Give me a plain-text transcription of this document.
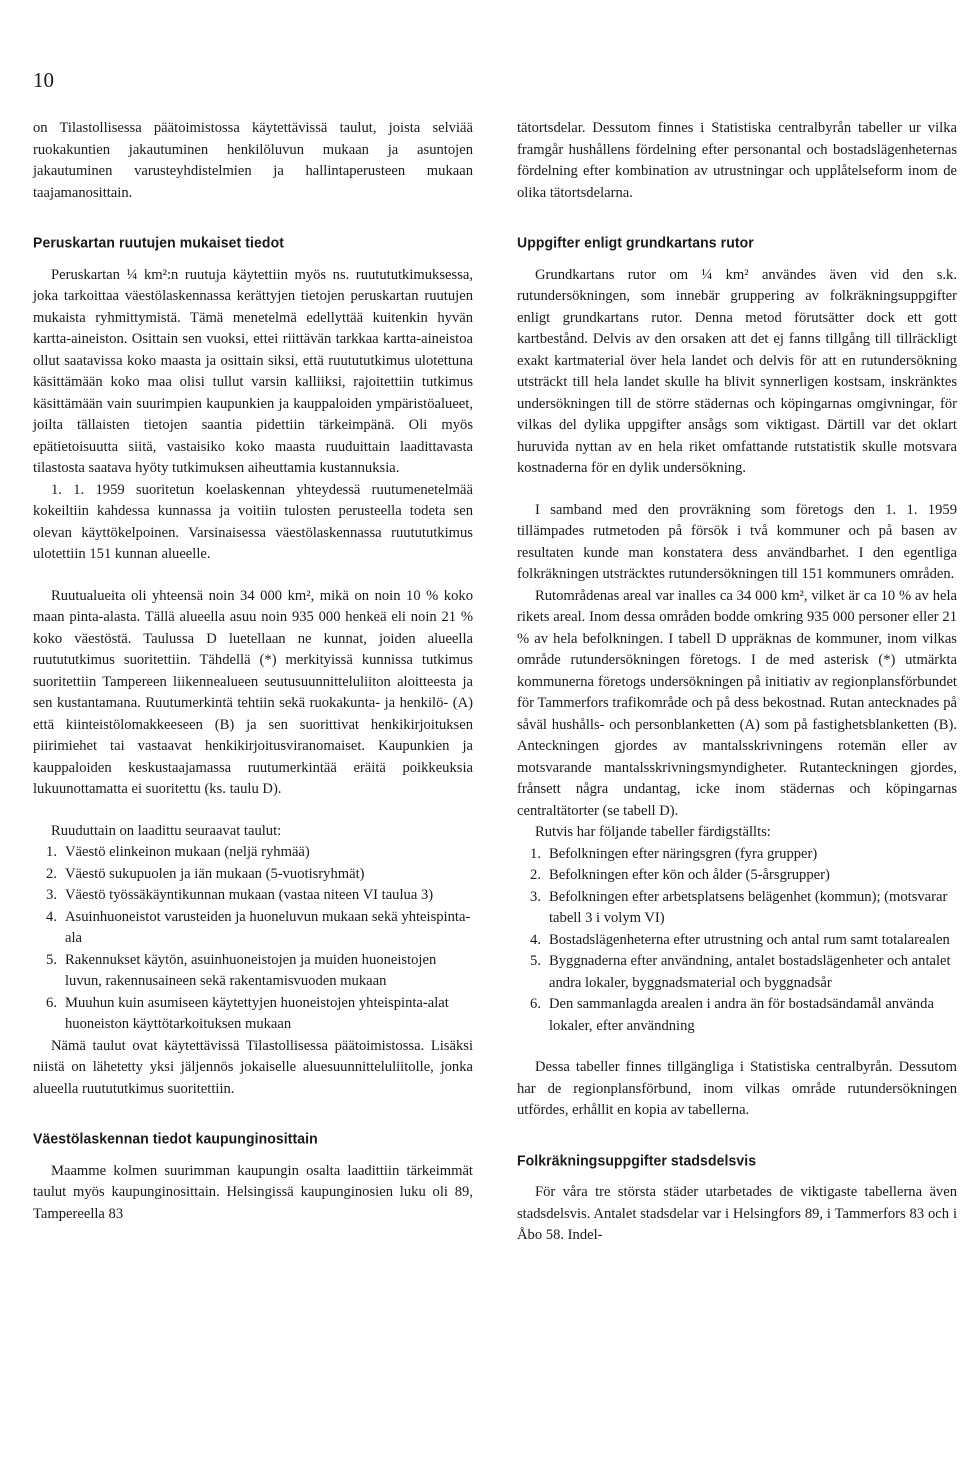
10

on Tilastollisessa päätoimistossa käytettävissä taulut, joista selviää ruokakuntien jakautuminen henkilöluvun mukaan ja asuntojen jakautuminen varusteyhdistelmien ja hallintaperusteen mukaan taajamanosittain.

Peruskartan ruutujen mukaiset tiedot

Peruskartan ¼ km²:n ruutuja käytettiin myös ns. ruutututkimuksessa, joka tarkoittaa väestölaskennassa kerättyjen tietojen peruskartan ruutujen mukaista ryhmittymistä. Tämä menetelmä edellyttää kuitenkin hyvän kartta-aineiston. Osittain sen vuoksi, ettei riittävän tarkkaa kartta-aineistoa ollut saatavissa koko maasta ja osittain siksi, että ruutututkimus ulotettuna käsittämään koko maa olisi tullut varsin kalliiksi, rajoitettiin tutkimus käsittämään vain suurimpien kaupunkien ja kauppaloiden ympäristöalueet, joilta tällaisten tietojen saantia pidettiin tärkeimpänä. Oli myös epätietoisuutta siitä, vastaisiko koko maasta ruuduittain laadittavasta tilastosta saatava hyöty tutkimuksen aiheuttamia kustannuksia.

1. 1. 1959 suoritetun koelaskennan yhteydessä ruutumenetelmää kokeiltiin kahdessa kunnassa ja voitiin tulosten perusteella todeta sen olevan käyttökelpoinen. Varsinaisessa väestölaskennassa ruutututkimus ulotettiin 151 kunnan alueelle.

Ruutualueita oli yhteensä noin 34 000 km², mikä on noin 10 % koko maan pinta-alasta. Tällä alueella asuu noin 935 000 henkeä eli noin 21 % koko väestöstä. Taulussa D luetellaan ne kunnat, joiden alueella ruutututkimus suoritettiin. Tähdellä (*) merkityissä kunnissa tutkimus suoritettiin Tampereen liikennealueen seutusuunnitteluliiton aloitteesta ja sen kustantamana. Ruutumerkintä tehtiin sekä ruokakunta- ja henkilö- (A) että kiinteistölomakkeeseen (B) ja sen suorittivat henkikirjoituksen piirimiehet tai vastaavat henkikirjoitusviranomaiset. Kaupunkien ja kauppaloiden keskustaajamassa ruutumerkintää eräitä poikkeuksia lukuunottamatta ei suoritettu (ks. taulu D).

Ruuduttain on laadittu seuraavat taulut:

1. Väestö elinkeinon mukaan (neljä ryhmää)
2. Väestö sukupuolen ja iän mukaan (5-vuotisryhmät)
3. Väestö työssäkäyntikunnan mukaan (vastaa niteen VI taulua 3)
4. Asuinhuoneistot varusteiden ja huoneluvun mukaan sekä yhteispinta-ala
5. Rakennukset käytön, asuinhuoneistojen ja muiden huoneistojen luvun, rakennusaineen sekä rakentamisvuoden mukaan
6. Muuhun kuin asumiseen käytettyjen huoneistojen yhteispinta-alat huoneiston käyttötarkoituksen mukaan

Nämä taulut ovat käytettävissä Tilastollisessa päätoimistossa. Lisäksi niistä on lähetetty yksi jäljennös jokaiselle aluesuunnitteluliitolle, jonka alueella ruutututkimus suoritettiin.

Väestölaskennan tiedot kaupunginosittain

Maamme kolmen suurimman kaupungin osalta laadittiin tärkeimmät taulut myös kaupunginosittain. Helsingissä kaupunginosien luku oli 89, Tampereella 83

tätortsdelar. Dessutom finnes i Statistiska centralbyrån tabeller ur vilka framgår hushållens fördelning efter personantal och bostadslägenheternas fördelning efter kombination av utrustningar och upplåtelseform inom de olika tätortsdelarna.

Uppgifter enligt grundkartans rutor

Grundkartans rutor om ¼ km² användes även vid den s.k. rutundersökningen, som innebär gruppering av folkräkningsuppgifter enligt grundkartans rutor. Denna metod förutsätter dock ett gott kartbestånd. Delvis av den orsaken att det ej fanns tillgång till tillräckligt exakt kartmaterial över hela landet och delvis för att en rutundersökning utsträckt till hela landet skulle ha blivit synnerligen kostsam, inskränktes undersökningen till de större städernas och köpingarnas omgivningar, för vilkas del dylika uppgifter ansågs som viktigast. Därtill var det oklart huruvida nyttan av en hela riket omfattande rutstatistik skulle motsvara kostnaderna för en dylik undersökning.

I samband med den provräkning som företogs den 1. 1. 1959 tillämpades rutmetoden på försök i två kommuner och på basen av resultaten kunde man konstatera dess användbarhet. I den egentliga folkräkningen utsträcktes rutundersökningen till 151 kommuners områden.

Rutområdenas areal var inalles ca 34 000 km², vilket är ca 10 % av hela rikets areal. Inom dessa områden bodde omkring 935 000 personer eller 21 % av hela befolkningen. I tabell D uppräknas de kommuner, inom vilkas område rutundersökningen företogs. I de med asterisk (*) utmärkta kommunerna företogs undersökningen på initiativ av regionplansförbundet för Tammerfors trafikområde och på dess bekostnad. Rutan antecknades på såväl hushålls- och personblanketten (A) som på fastighetsblanketten (B). Anteckningen gjordes av mantalsskrivningens rotemän eller av motsvarande mantalsskrivningsmyndigheter. Rutanteckningen gjordes, frånsett några undantag, icke inom städernas och köpingarnas centraltätorter (se tabell D).

Rutvis har följande tabeller färdigställts:

1. Befolkningen efter näringsgren (fyra grupper)
2. Befolkningen efter kön och ålder (5-årsgrupper)
3. Befolkningen efter arbetsplatsens belägenhet (kommun); (motsvarar tabell 3 i volym VI)
4. Bostadslägenheterna efter utrustning och antal rum samt totalarealen
5. Byggnaderna efter användning, antalet bostadslägenheter och antalet andra lokaler, byggnadsmaterial och byggnadsår
6. Den sammanlagda arealen i andra än för bostadsändamål använda lokaler, efter användning

Dessa tabeller finnes tillgängliga i Statistiska centralbyrån. Dessutom har de regionplansförbund, inom vilkas område rutundersökningen utfördes, erhållit en kopia av tabellerna.

Folkräkningsuppgifter stadsdelsvis

För våra tre största städer utarbetades de viktigaste tabellerna även stadsdelsvis. Antalet stadsdelar var i Helsingfors 89, i Tammerfors 83 och i Åbo 58. Indel-
